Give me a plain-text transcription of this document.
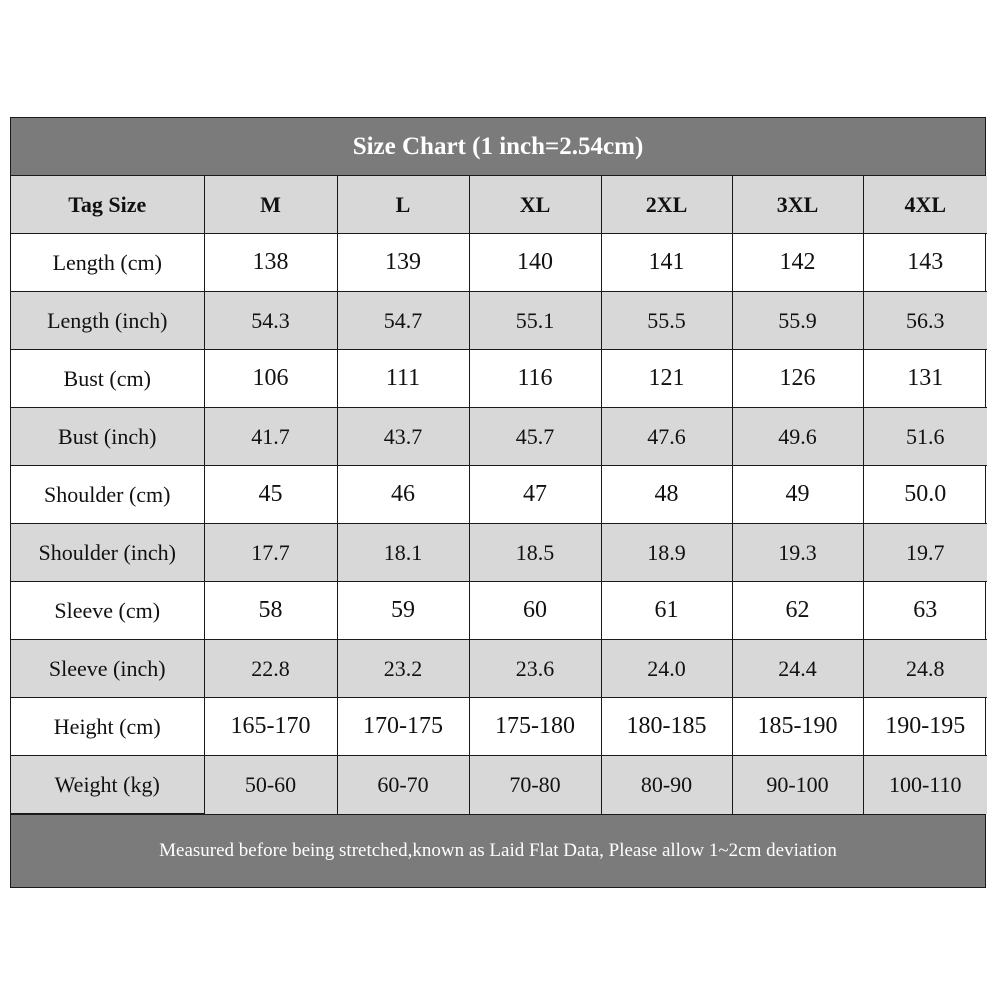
Size Chart (1 inch=2.54cm)
Tag Size	M	L	XL	2XL	3XL	4XL
Length (cm)	138	139	140	141	142	143
Length (inch)	54.3	54.7	55.1	55.5	55.9	56.3
Bust (cm)	106	111	116	121	126	131
Bust (inch)	41.7	43.7	45.7	47.6	49.6	51.6
Shoulder (cm)	45	46	47	48	49	50.0
Shoulder (inch)	17.7	18.1	18.5	18.9	19.3	19.7
Sleeve (cm)	58	59	60	61	62	63
Sleeve (inch)	22.8	23.2	23.6	24.0	24.4	24.8
Height (cm)	165-170	170-175	175-180	180-185	185-190	190-195
Weight (kg)	50-60	60-70	70-80	80-90	90-100	100-110
Measured before being stretched,known as Laid Flat Data, Please allow 1~2cm deviation
